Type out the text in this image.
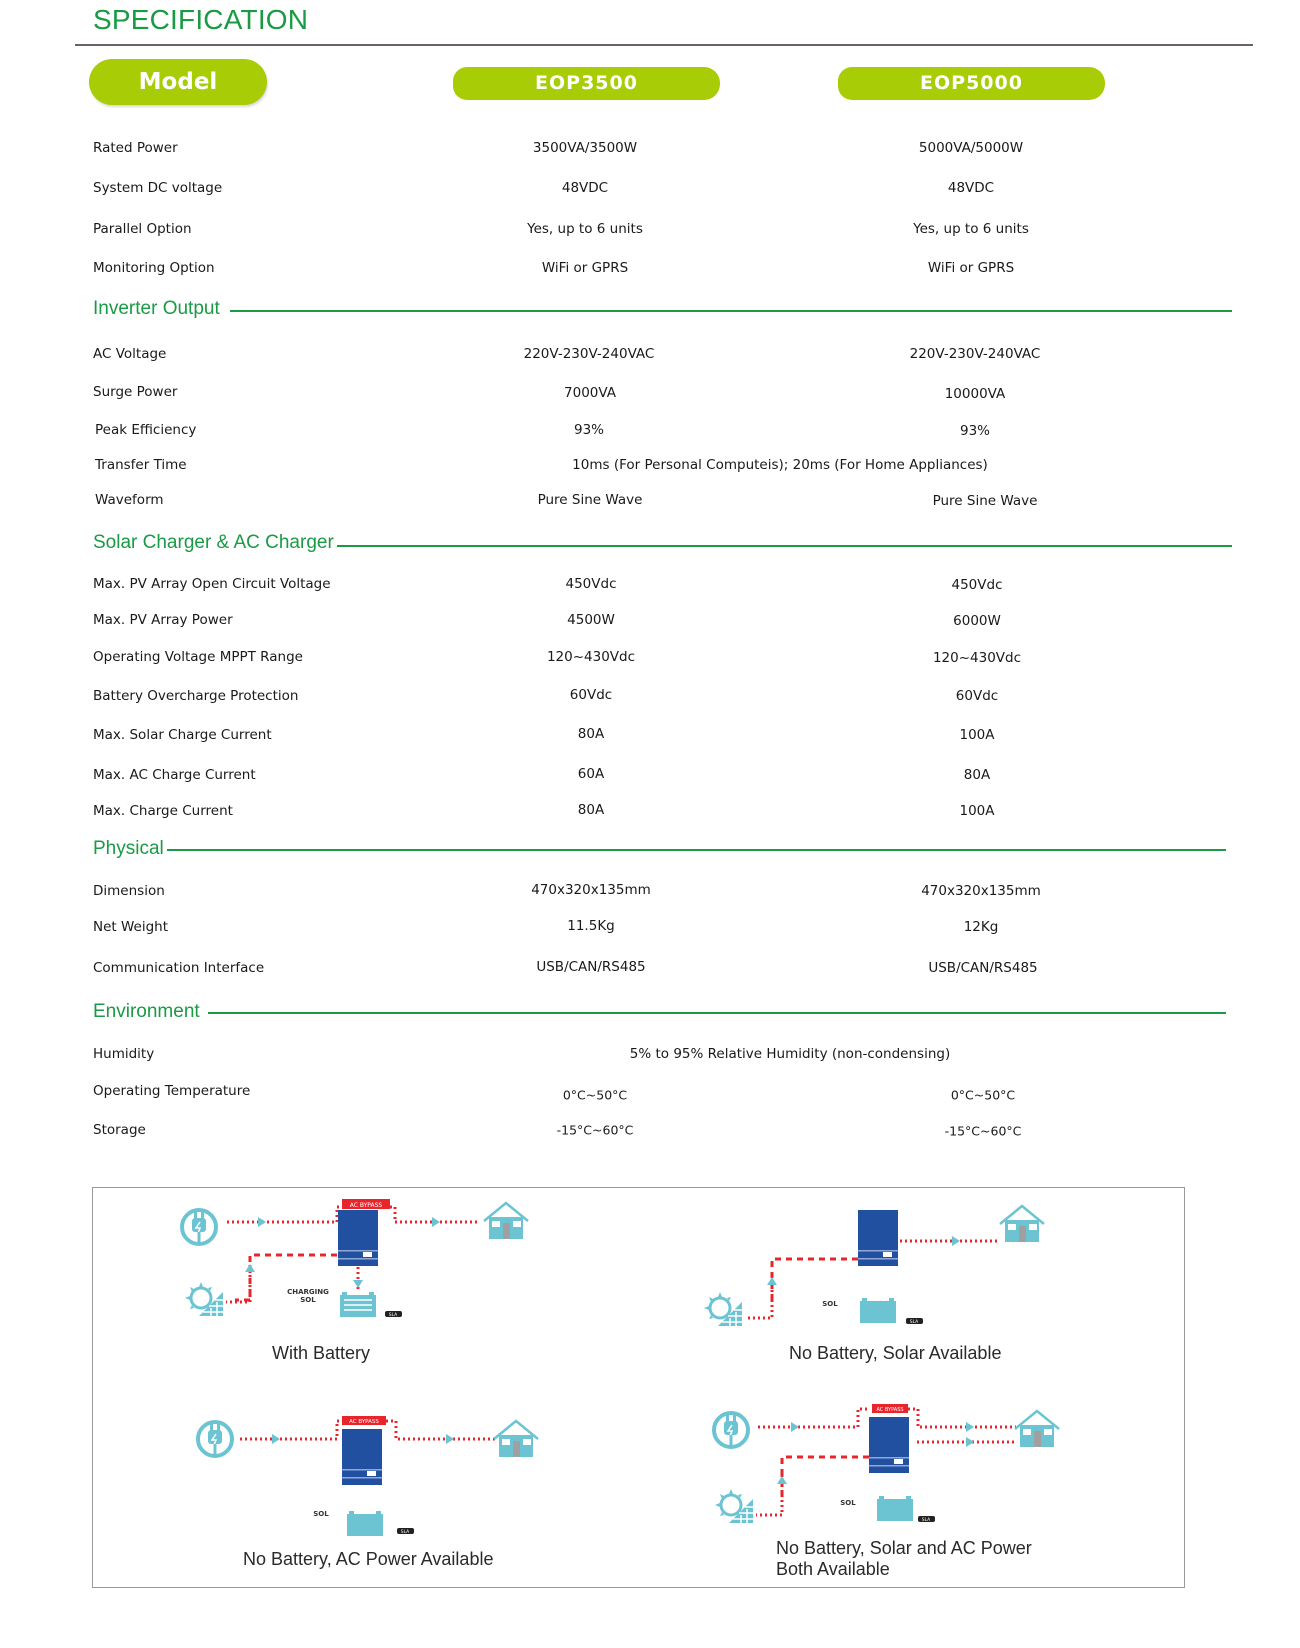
SPECIFICATION
Model	EOP3500	EOP5000
Rated Power	3500VA/3500W	5000VA/5000W
System DC voltage	48VDC	48VDC
Parallel Option	Yes, up to 6 units	Yes, up to 6 units
Monitoring Option	WiFi or GPRS	WiFi or GPRS
Inverter Output
AC Voltage	220V-230V-240VAC	220V-230V-240VAC
Surge Power	7000VA	10000VA
Peak Efficiency	93%	93%
Transfer Time	10ms (For Personal Computeis); 20ms (For Home Appliances)
Waveform	Pure Sine Wave	Pure Sine Wave
Solar Charger & AC Charger
Max. PV Array Open Circuit Voltage	450Vdc	450Vdc
Max. PV Array Power	4500W	6000W
Operating Voltage MPPT Range	120~430Vdc	120~430Vdc
Battery Overcharge Protection	60Vdc	60Vdc
Max. Solar Charge Current	80A	100A
Max. AC Charge Current	60A	80A
Max. Charge Current	80A	100A
Physical
Dimension	470x320x135mm	470x320x135mm
Net Weight	11.5Kg	12Kg
Communication Interface	USB/CAN/RS485	USB/CAN/RS485
Environment
Humidity	5% to 95% Relative Humidity (non-condensing)
Operating Temperature	0°C~50°C	0°C~50°C
Storage	-15°C~60°C	-15°C~60°C
AC BYPASS
CHARGING
SOL
SLA
SOL
SLA
AC BYPASS
SOL
SLA
AC BYPASS
SOL
SLA
With Battery	No Battery, Solar Available
No Battery, AC Power Available
No Battery, Solar and AC Power
Both Available
